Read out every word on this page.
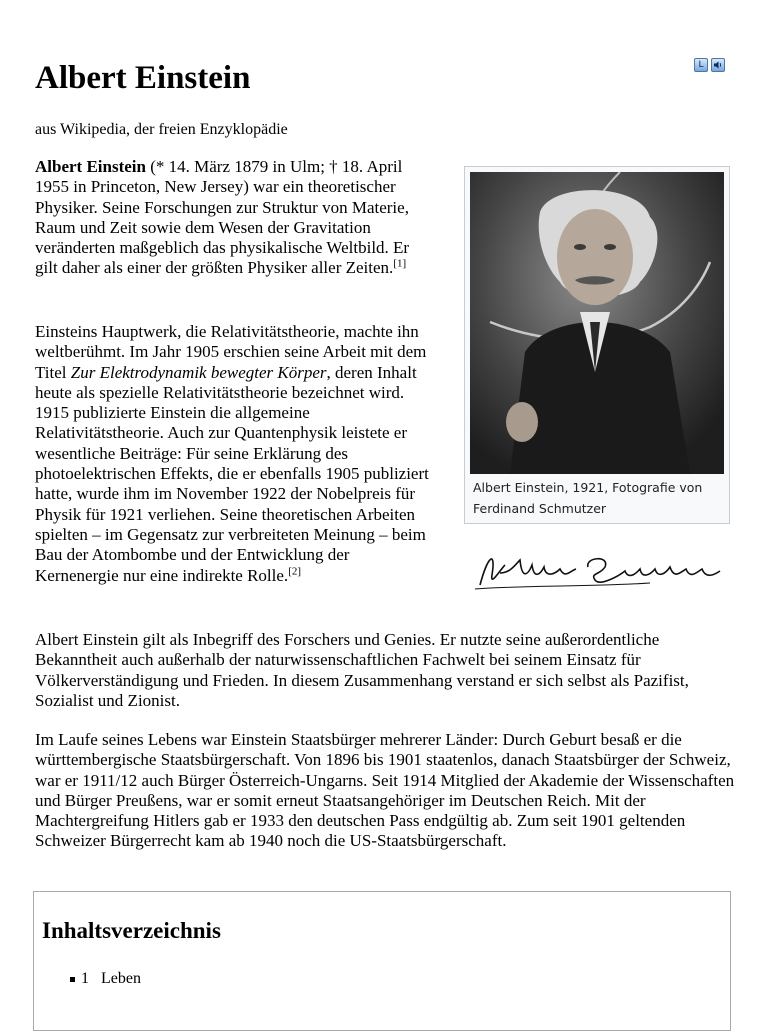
Albert Einstein	L

aus Wikipedia, der freien Enzyklopädie

Albert Einstein (* 14. März 1879 in Ulm; † 18. April 1955 in Princeton, New Jersey) war ein theoretischer Physiker. Seine Forschungen zur Struktur von Materie, Raum und Zeit sowie dem Wesen der Gravitation veränderten maßgeblich das physikalische Weltbild. Er gilt daher als einer der größten Physiker aller Zeiten.[1]

Einsteins Hauptwerk, die Relativitätstheorie, machte ihn weltberühmt. Im Jahr 1905 erschien seine Arbeit mit dem Titel Zur Elektrodynamik bewegter Körper, deren Inhalt heute als spezielle Relativitätstheorie bezeichnet wird. 1915 publizierte Einstein die allgemeine Relativitätstheorie. Auch zur Quantenphysik leistete er wesentliche Beiträge: Für seine Erklärung des photoelektrischen Effekts, die er ebenfalls 1905 publiziert hatte, wurde ihm im November 1922 der Nobelpreis für Physik für 1921 verliehen. Seine theoretischen Arbeiten spielten – im Gegensatz zur verbreiteten Meinung – beim Bau der Atombombe und der Entwicklung der Kernenergie nur eine indirekte Rolle.[2]

Albert Einstein, 1921, Fotografie von Ferdinand Schmutzer

Albert Einstein gilt als Inbegriff des Forschers und Genies. Er nutzte seine außerordentliche Bekanntheit auch außerhalb der naturwissenschaftlichen Fachwelt bei seinem Einsatz für Völkerverständigung und Frieden. In diesem Zusammenhang verstand er sich selbst als Pazifist, Sozialist und Zionist.

Im Laufe seines Lebens war Einstein Staatsbürger mehrerer Länder: Durch Geburt besaß er die württembergische Staatsbürgerschaft. Von 1896 bis 1901 staatenlos, danach Staatsbürger der Schweiz, war er 1911/12 auch Bürger Österreich-Ungarns. Seit 1914 Mitglied der Akademie der Wissenschaften und Bürger Preußens, war er somit erneut Staatsangehöriger im Deutschen Reich. Mit der Machtergreifung Hitlers gab er 1933 den deutschen Pass endgültig ab. Zum seit 1901 geltenden Schweizer Bürgerrecht kam ab 1940 noch die US-Staatsbürgerschaft.

Inhaltsverzeichnis
1 Leben
